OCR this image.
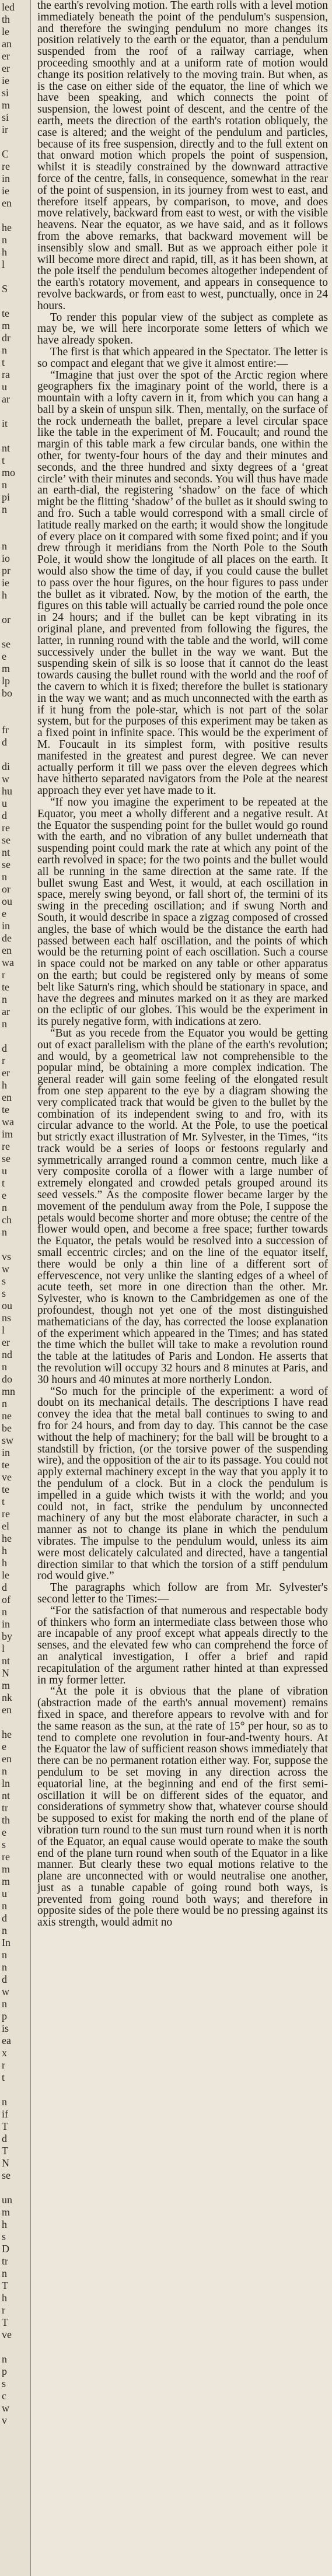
led
th
le
an
er
er
ie
si
m
si
ir

C
re
in
ie
en

he
n
h
l

S

te
m
dr
n
t
ra
u
ar

it

nt
t
mo
n
pi
n

n
io
pr
ie
h

or

se
e
m
lp
bo

fr
d

di
w
hu
u
d
re
se
nt
se
n
or
ou
e
in
de
en
wa
r
te
n
ar
n

d
r
er
h
en
te
wa
im
re
se
u
t
e
n
ch
n

vs
w
s
s
ou
ns
l
er
nd
n
do
mn
n
ne
be
sw
in
te
ve
te
t
re
el
he
h
h
le
d
of
n
in
by
l
nt
N
m
nk
en

he
e
en
n
ln
nt
tr
th
e
s
re
m
m
u
n
d
n
In
n
n
d
w
n
p
is
ea
x
r
t

n
if
T
d
T
N
se

un
m
h
s
D
tr
n
T
h
r
T
ve

n
p
s
c
w
v

the earth's revolving motion. The earth rolls with a level motion immediately beneath the point of the pendulum's suspension, and therefore the swinging pendulum no more changes its position relatively to the earth or the equator, than a pendulum suspended from the roof of a railway carriage, when proceeding smoothly and at a uniform rate of motion would change its position relatively to the moving train. But when, as is the case on either side of the equator, the line of which we have been speaking, and which connects the point of suspension, the lowest point of descent, and the centre of the earth, meets the direction of the earth's rotation obliquely, the case is altered; and the weight of the pendulum and particles, because of its free suspension, directly and to the full extent on that onward motion which propels the point of suspension, whilst it is steadily constrained by the downward attractive force of the centre, falls, in consequence, somewhat in the rear of the point of suspension, in its journey from west to east, and therefore itself appears, by comparison, to move, and does move relatively, backward from east to west, or with the visible heavens. Near the equator, as we have said, and as it follows from the above remarks, that backward movement will be insensibly slow and small. But as we approach either pole it will become more direct and rapid, till, as it has been shown, at the pole itself the pendulum becomes altogether independent of the earth's rotatory movement, and appears in consequence to revolve backwards, or from east to west, punctually, once in 24 hours.

To render this popular view of the subject as complete as may be, we will here incorporate some letters of which we have already spoken.

The first is that which appeared in the Spectator. The letter is so compact and elegant that we give it almost entire:—

“Imagine that just over the spot of the Arctic region where geographers fix the imaginary point of the world, there is a mountain with a lofty cavern in it, from which you can hang a ball by a skein of unspun silk. Then, mentally, on the surface of the rock underneath the ballet, prepare a level circular space like the table in the experiment of M. Foucault; and round the margin of this table mark a few circular bands, one within the other, for twenty-four hours of the day and their minutes and seconds, and the three hundred and sixty degrees of a ‘great circle’ with their minutes and seconds. You will thus have made an earth-dial, the registering ‘shadow’ on the face of which might be the flitting ‘shadow’ of the bullet as it should swing to and fro. Such a table would correspond with a small circle of latitude really marked on the earth; it would show the longitude of every place on it compared with some fixed point; and if you drew through it meridians from the North Pole to the South Pole, it would show the longitude of all places on the earth. It would also show the time of day, if you could cause the bullet to pass over the hour figures, on the hour figures to pass under the bullet as it vibrated. Now, by the motion of the earth, the figures on this table will actually be carried round the pole once in 24 hours; and if the bullet can be kept vibrating in its original plane, and prevented from following the figures, the latter, in running round with the table and the world, will come successively under the bullet in the way we want. But the suspending skein of silk is so loose that it cannot do the least towards causing the bullet round with the world and the roof of the cavern to which it is fixed; therefore the bullet is stationary in the way we want; and as much unconnected with the earth as if it hung from the pole-star, which is not part of the solar system, but for the purposes of this experiment may be taken as a fixed point in infinite space. This would be the experiment of M. Foucault in its simplest form, with positive results manifested in the greatest and purest degree. We can never actually perform it till we pass over the eleven degrees which have hitherto separated navigators from the Pole at the nearest approach they ever yet have made to it.

“If now you imagine the experiment to be repeated at the Equator, you meet a wholly different and a negative result. At the Equator the suspending point for the bullet would go round with the earth, and no vibration of any bullet underneath that suspending point could mark the rate at which any point of the earth revolved in space; for the two points and the bullet would all be running in the same direction at the same rate. If the bullet swung East and West, it would, at each oscillation in space, merely swing beyond, or fall short of, the termini of its swing in the preceding oscillation; and if swung North and South, it would describe in space a zigzag composed of crossed angles, the base of which would be the distance the earth had passed between each half oscillation, and the points of which would be the returning point of each oscillation. Such a course in space could not be marked on any table or other apparatus on the earth; but could be registered only by means of some belt like Saturn's ring, which should be stationary in space, and have the degrees and minutes marked on it as they are marked on the ecliptic of our globes. This would be the experiment in its purely negative form, with indications at zero.

“But as you recede from the Equator you would be getting out of exact parallelism with the plane of the earth's revolution; and would, by a geometrical law not comprehensible to the popular mind, be obtaining a more complex indication. The general reader will gain some feeling of the elongated result from one step apparent to the eye by a diagram showing the very complicated track that would be given to the bullet by the combination of its independent swing to and fro, with its circular advance to the world. At the Pole, to use the poetical but strictly exact illustration of Mr. Sylvester, in the Times, “its track would be a series of loops or festoons regularly and symmetrically arranged round a common centre, much like a very composite corolla of a flower with a large number of extremely elongated and crowded petals grouped around its seed vessels.” As the composite flower became larger by the movement of the pendulum away from the Pole, I suppose the petals would become shorter and more obtuse; the centre of the flower would open, and become a free space; further towards the Equator, the petals would be resolved into a succession of small eccentric circles; and on the line of the equator itself, there would be only a thin line of a different sort of effervescence, not very unlike the slanting edges of a wheel of acute teeth, set more in one direction than the other. Mr. Sylvester, who is known to the Cambridgemen as one of the profoundest, though not yet one of the most distinguished mathematicians of the day, has corrected the loose explanation of the experiment which appeared in the Times; and has stated the time which the bullet will take to make a revolution round the table at the latitudes of Paris and London. He asserts that the revolution will occupy 32 hours and 8 minutes at Paris, and 30 hours and 40 minutes at more northerly London.

“So much for the principle of the experiment: a word of doubt on its mechanical details. The descriptions I have read convey the idea that the metal ball continues to swing to and fro for 24 hours, and from day to day. This cannot be the case without the help of machinery; for the ball will be brought to a standstill by friction, (or the torsive power of the suspending wire), and the opposition of the air to its passage. You could not apply external machinery except in the way that you apply it to the pendulum of a clock. But in a clock the pendulum is impelled in a guide which twists it with the world; and you could not, in fact, strike the pendulum by unconnected machinery of any but the most elaborate character, in such a manner as not to change its plane in which the pendulum vibrates. The impulse to the pendulum would, unless its aim were most delicately calculated and directed, have a tangential direction similar to that which the torsion of a stiff pendulum rod would give.”

The paragraphs which follow are from Mr. Sylvester's second letter to the Times:—

“For the satisfaction of that numerous and respectable body of thinkers who form an intermediate class between those who are incapable of any proof except what appeals directly to the senses, and the elevated few who can comprehend the force of an analytical investigation, I offer a brief and rapid recapitulation of the argument rather hinted at than expressed in my former letter.

“At the pole it is obvious that the plane of vibration (abstraction made of the earth's annual movement) remains fixed in space, and therefore appears to revolve with and for the same reason as the sun, at the rate of 15° per hour, so as to tend to complete one revolution in four-and-twenty hours. At the Equator the law of sufficient reason shows immediately that there can be no permanent rotation either way. For, suppose the pendulum to be set moving in any direction across the equatorial line, at the beginning and end of the first semi-oscillation it will be on different sides of the equator, and considerations of symmetry show that, whatever course should be supposed to exist for making the north end of the plane of vibration turn round to the sun must turn round when it is north of the Equator, an equal cause would operate to make the south end of the plane turn round when south of the Equator in a like manner. But clearly these two equal motions relative to the plane are unconnected with or would neutralise one another, just as a tunable capable of going round both ways, is prevented from going round both ways; and therefore in opposite sides of the pole there would be no pressing against its axis strength, would admit no
